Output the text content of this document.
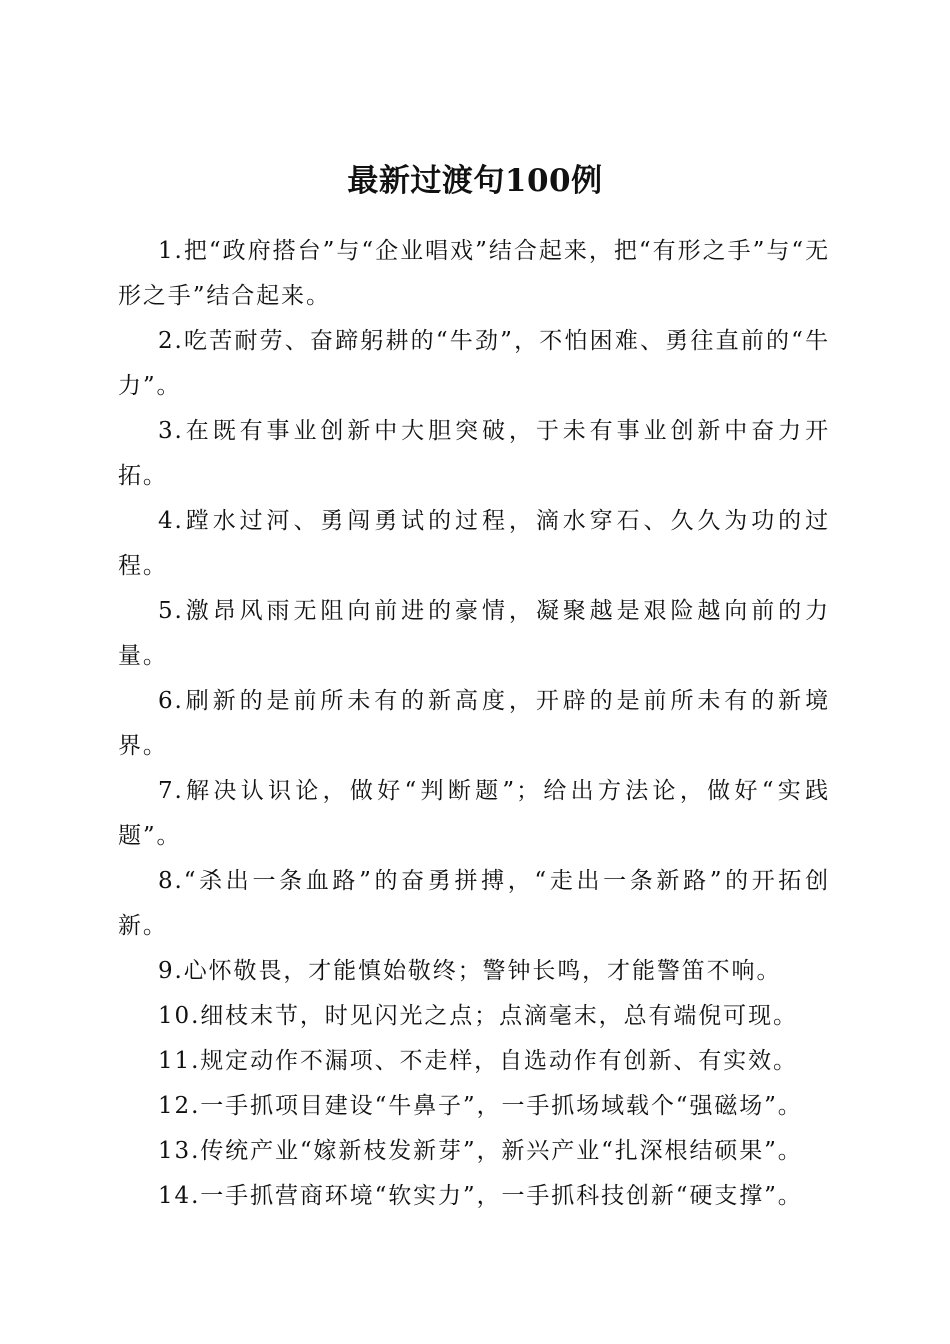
最新过渡句100例

1.把“政府搭台”与“企业唱戏”结合起来，把“有形之手”与“无形之手”结合起来。

2.吃苦耐劳、奋蹄躬耕的“牛劲”，不怕困难、勇往直前的“牛力”。

3.在既有事业创新中大胆突破，于未有事业创新中奋力开拓。

4.蹚水过河、勇闯勇试的过程，滴水穿石、久久为功的过程。

5.激昂风雨无阻向前进的豪情，凝聚越是艰险越向前的力量。

6.刷新的是前所未有的新高度，开辟的是前所未有的新境界。

7.解决认识论，做好“判断题”；给出方法论，做好“实践题”。

8.“杀出一条血路”的奋勇拼搏，“走出一条新路”的开拓创新。

9.心怀敬畏，才能慎始敬终；警钟长鸣，才能警笛不响。

10.细枝末节，时见闪光之点；点滴毫末，总有端倪可现。

11.规定动作不漏项、不走样，自选动作有创新、有实效。

12.一手抓项目建设“牛鼻子”，一手抓场域载个“强磁场”。

13.传统产业“嫁新枝发新芽”，新兴产业“扎深根结硕果”。

14.一手抓营商环境“软实力”，一手抓科技创新“硬支撑”。
